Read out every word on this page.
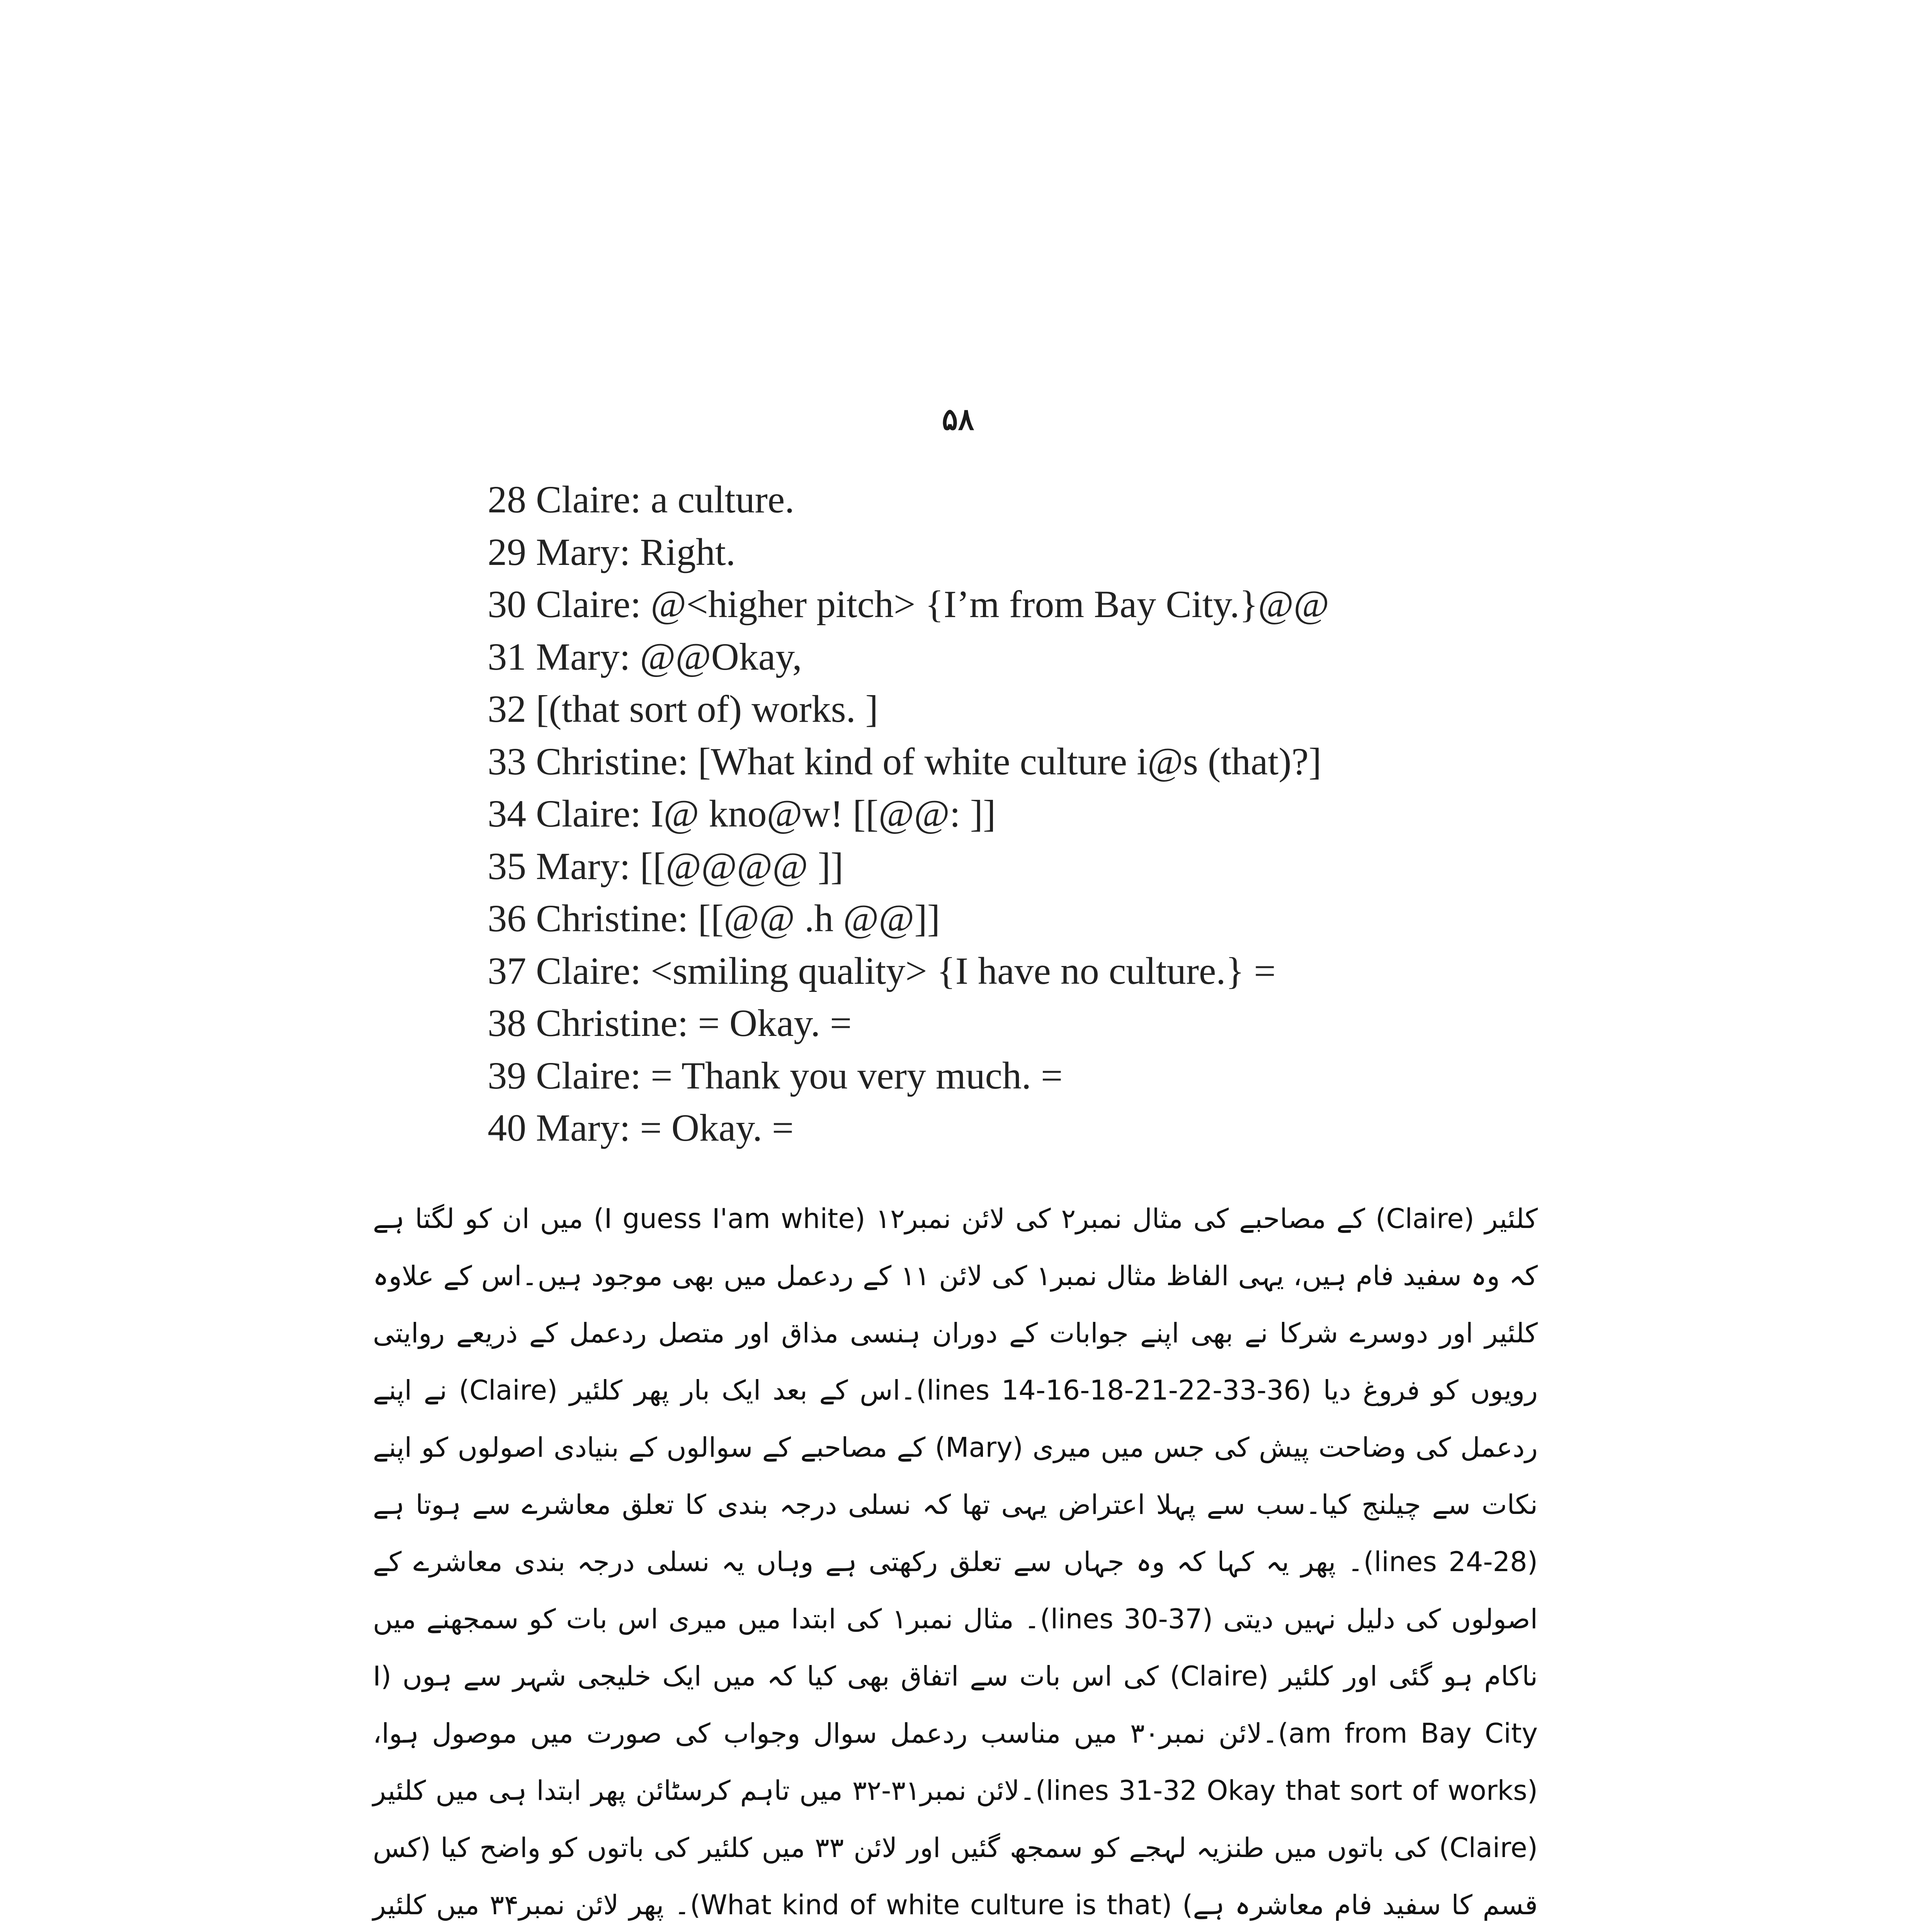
۵۸
28 Claire: a culture.
29 Mary: Right.
30 Claire: @<higher pitch> {I’m from Bay City.}@@
31 Mary: @@Okay,
32 [(that sort of) works. ]
33 Christine: [What kind of white culture i@s (that)?]
34 Claire: I@ kno@w! [[@@: ]]
35 Mary: [[@@@@ ]]
36 Christine: [[@@ .h @@]]
37 Claire: <smiling quality> {I have no culture.} =
38 Christine: = Okay. =
39 Claire: = Thank you very much. =
40 Mary: = Okay. =

کلئیر (Claire) کے مصاحبے کی مثال نمبر۲ کی لائن نمبر۱۲ (I guess I'am white) میں ان کو لگتا ہے کہ وہ سفید فام ہیں، یہی الفاظ مثال نمبر۱ کی لائن ۱۱ کے ردعمل میں بھی موجود ہیں۔اس کے علاوہ کلئیر اور دوسرے شرکا نے بھی اپنے جوابات کے دوران ہنسی مذاق اور متصل ردعمل کے ذریعے روایتی رویوں کو فروغ دیا (lines 14-16-18-21-22-33-36)۔اس کے بعد ایک بار پھر کلئیر (Claire) نے اپنے ردعمل کی وضاحت پیش کی جس میں میری (Mary) کے مصاحبے کے سوالوں کے بنیادی اصولوں کو اپنے نکات سے چیلنج کیا۔سب سے پہلا اعتراض یہی تھا کہ نسلی درجہ بندی کا تعلق معاشرے سے ہوتا ہے (lines 24-28)۔ پھر یہ کہا کہ وہ جہاں سے تعلق رکھتی ہے وہاں یہ نسلی درجہ بندی معاشرے کے اصولوں کی دلیل نہیں دیتی (lines 30-37)۔ مثال نمبر۱ کی ابتدا میں میری اس بات کو سمجھنے میں ناکام ہو گئی اور کلئیر (Claire) کی اس بات سے اتفاق بھی کیا کہ میں ایک خلیجی شہر سے ہوں (I am from Bay City)۔لائن نمبر۳۰ میں مناسب ردعمل سوال وجواب کی صورت میں موصول ہوا، (lines 31-32 Okay that sort of works)۔لائن نمبر۳۱-۳۲ میں تاہم کرسٹائن پھر ابتدا ہی میں کلئیر (Claire) کی باتوں میں طنزیہ لہجے کو سمجھ گئیں اور لائن ۳۳ میں کلئیر کی باتوں کو واضح کیا (کس قسم کا سفید فام معاشرہ ہے) (What kind of white culture is that)۔ پھر لائن نمبر۳۴ میں کلئیر
